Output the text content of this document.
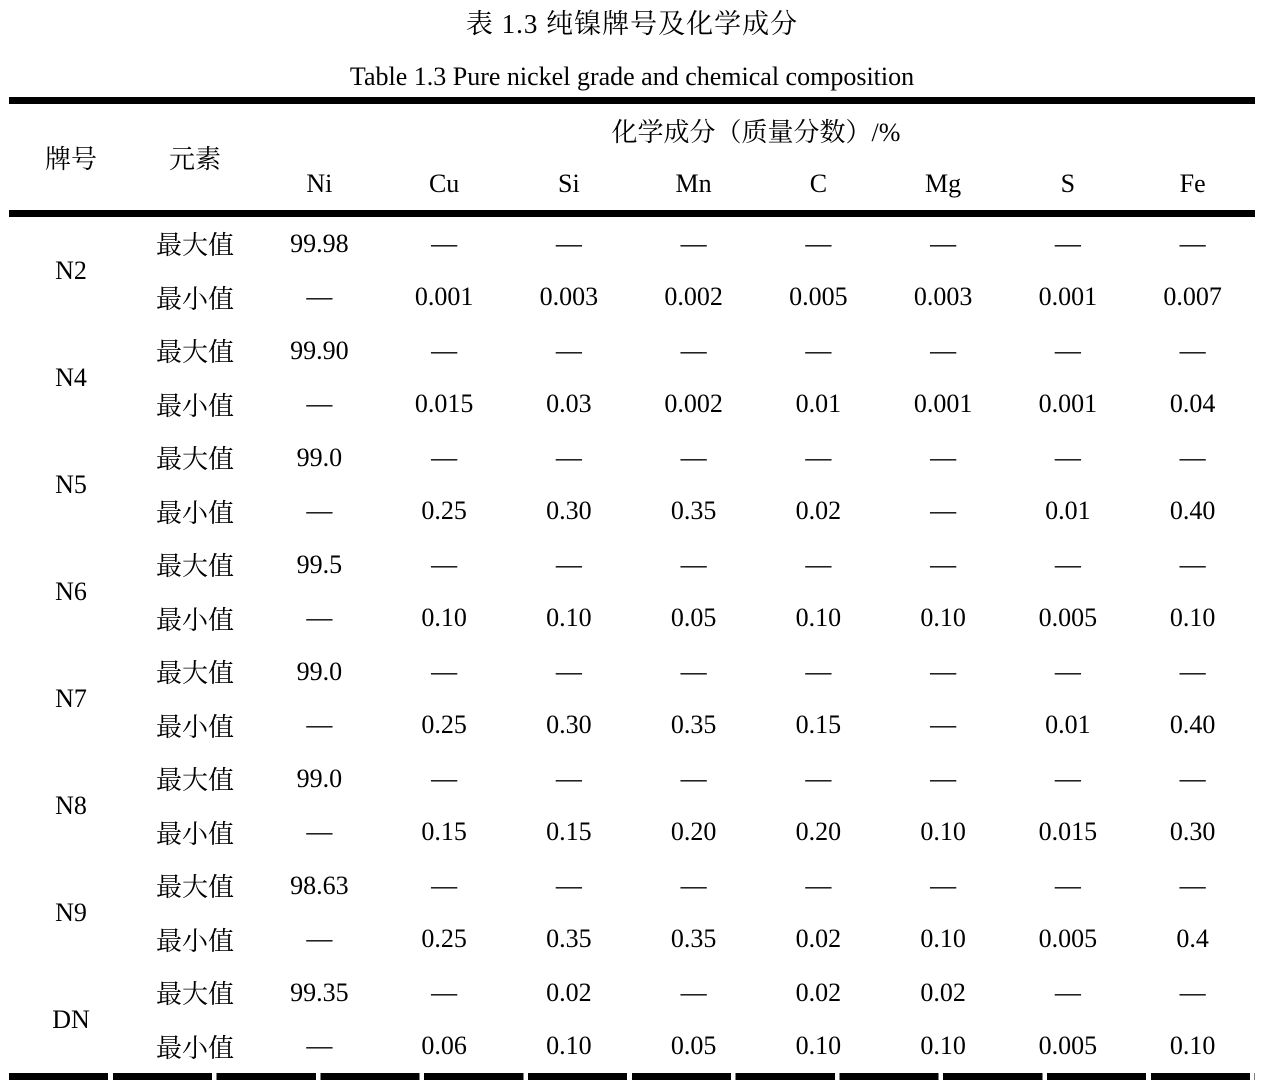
表 1.3 纯镍牌号及化学成分
Table 1.3 Pure nickel grade and chemical composition
牌号	元素	化学成分（质量分数）/%							
		Ni	Cu	Si	Mn	C	Mg	S	Fe
N2	最大值	99.98	—	—	—	—	—	—	—
	最小值	—	0.001	0.003	0.002	0.005	0.003	0.001	0.007
N4	最大值	99.90	—	—	—	—	—	—	—
	最小值	—	0.015	0.03	0.002	0.01	0.001	0.001	0.04
N5	最大值	99.0	—	—	—	—	—	—	—
	最小值	—	0.25	0.30	0.35	0.02	—	0.01	0.40
N6	最大值	99.5	—	—	—	—	—	—	—
	最小值	—	0.10	0.10	0.05	0.10	0.10	0.005	0.10
N7	最大值	99.0	—	—	—	—	—	—	—
	最小值	—	0.25	0.30	0.35	0.15	—	0.01	0.40
N8	最大值	99.0	—	—	—	—	—	—	—
	最小值	—	0.15	0.15	0.20	0.20	0.10	0.015	0.30
N9	最大值	98.63	—	—	—	—	—	—	—
	最小值	—	0.25	0.35	0.35	0.02	0.10	0.005	0.4
DN	最大值	99.35	—	0.02	—	0.02	0.02	—	—
	最小值	—	0.06	0.10	0.05	0.10	0.10	0.005	0.10
